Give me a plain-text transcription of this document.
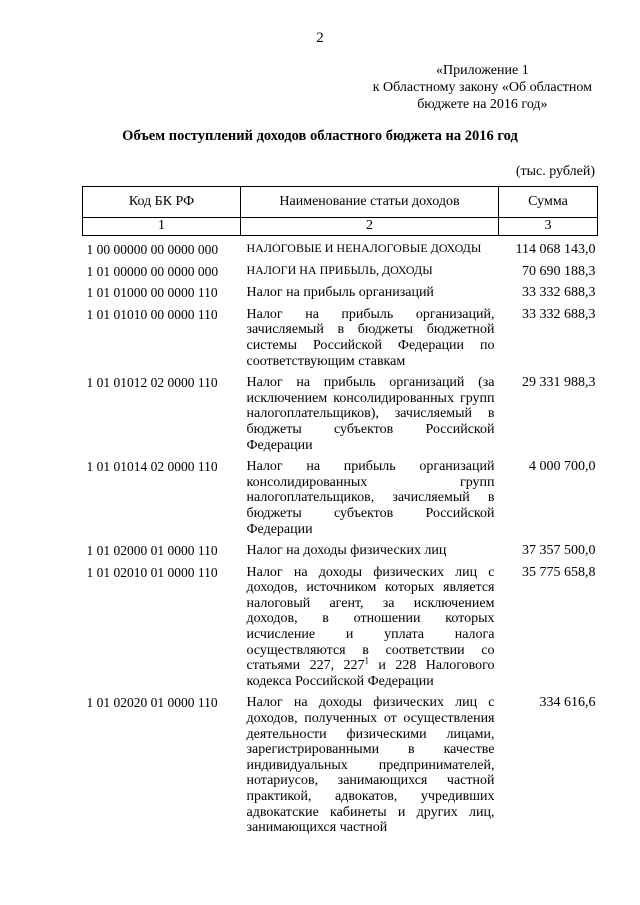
2
«Приложение 1
к Областному закону «Об областном
бюджете на 2016 год»
Объем поступлений доходов областного бюджета на 2016 год
(тыс. рублей)
Код БК РФ	Наименование статьи доходов	Сумма
1	2	3
1 00 00000 00 0000 000	НАЛОГОВЫЕ И НЕНАЛОГОВЫЕ ДОХОДЫ	114 068 143,0
1 01 00000 00 0000 000	НАЛОГИ НА ПРИБЫЛЬ, ДОХОДЫ	70 690 188,3
1 01 01000 00 0000 110	Налог на прибыль организаций	33 332 688,3
1 01 01010 00 0000 110	Налог на прибыль организаций, зачисляемый в бюджеты бюджетной системы Российской Федерации по соответствующим ставкам	33 332 688,3
1 01 01012 02 0000 110	Налог на прибыль организаций (за исключением консолидированных групп налогоплательщиков), зачисляемый в бюджеты субъектов Российской Федерации	29 331 988,3
1 01 01014 02 0000 110	Налог на прибыль организаций консолидированных групп налогоплательщиков, зачисляемый в бюджеты субъектов Российской Федерации	4 000 700,0
1 01 02000 01 0000 110	Налог на доходы физических лиц	37 357 500,0
1 01 02010 01 0000 110	Налог на доходы физических лиц с доходов, источником которых является налоговый агент, за исключением доходов, в отношении которых исчисление и уплата налога осуществляются в соответствии со статьями 227, $227^1$ и 228 Налогового кодекса Российской Федерации	35 775 658,8
1 01 02020 01 0000 110	Налог на доходы физических лиц с доходов, полученных от осуществления деятельности физическими лицами, зарегистрированными в качестве индивидуальных предпринимателей, нотариусов, занимающихся частной практикой, адвокатов, учредивших адвокатские кабинеты и других лиц, занимающихся частной	334 616,6
